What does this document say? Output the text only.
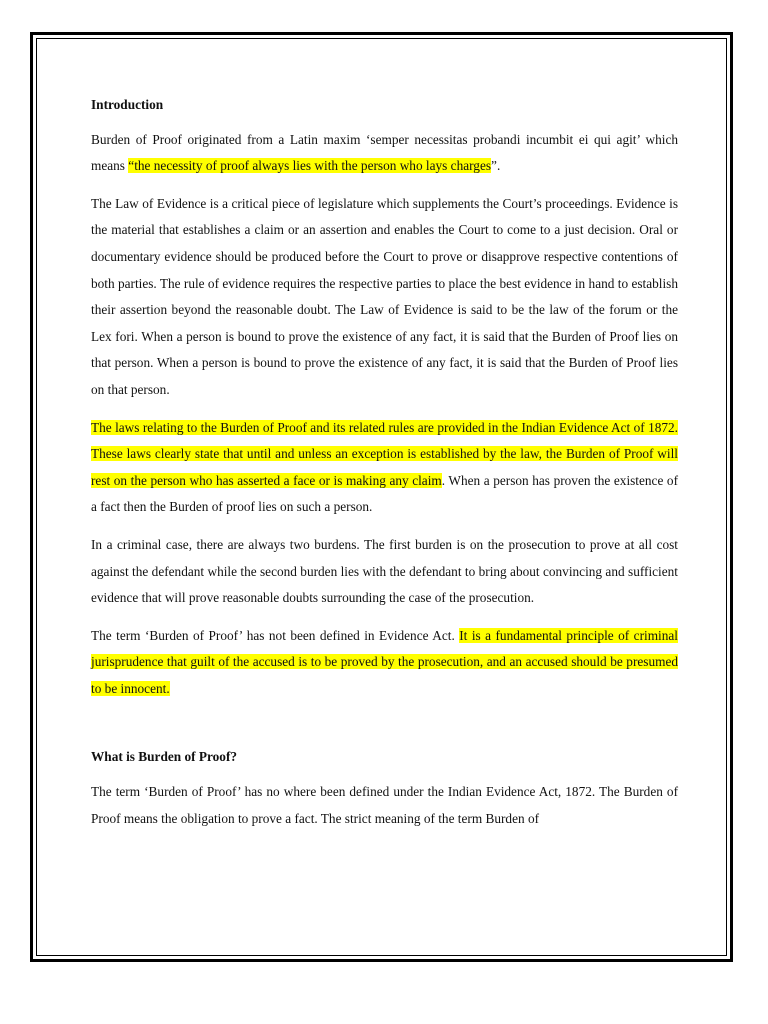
Introduction

Burden of Proof originated from a Latin maxim ‘semper necessitas probandi incumbit ei qui agit’ which means “the necessity of proof always lies with the person who lays charges”.

The Law of Evidence is a critical piece of legislature which supplements the Court’s proceedings. Evidence is the material that establishes a claim or an assertion and enables the Court to come to a just decision. Oral or documentary evidence should be produced before the Court to prove or disapprove respective contentions of both parties. The rule of evidence requires the respective parties to place the best evidence in hand to establish their assertion beyond the reasonable doubt. The Law of Evidence is said to be the law of the forum or the Lex fori. When a person is bound to prove the existence of any fact, it is said that the Burden of Proof lies on that person. When a person is bound to prove the existence of any fact, it is said that the Burden of Proof lies on that person.

The laws relating to the Burden of Proof and its related rules are provided in the Indian Evidence Act of 1872. These laws clearly state that until and unless an exception is established by the law, the Burden of Proof will rest on the person who has asserted a face or is making any claim. When a person has proven the existence of a fact then the Burden of proof lies on such a person.

In a criminal case, there are always two burdens. The first burden is on the prosecution to prove at all cost against the defendant while the second burden lies with the defendant to bring about convincing and sufficient evidence that will prove reasonable doubts surrounding the case of the prosecution.

The term ‘Burden of Proof’ has not been defined in Evidence Act. It is a fundamental principle of criminal jurisprudence that guilt of the accused is to be proved by the prosecution, and an accused should be presumed to be innocent.

What is Burden of Proof?

The term ‘Burden of Proof’ has no where been defined under the Indian Evidence Act, 1872. The Burden of Proof means the obligation to prove a fact. The strict meaning of the term Burden of
